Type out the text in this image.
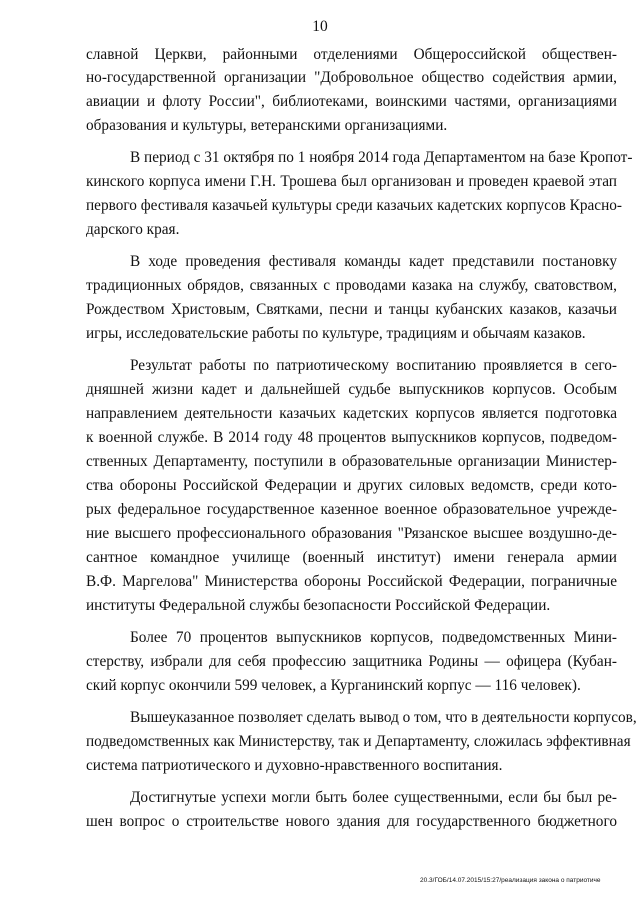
10
славной Церкви, районными отделениями Общероссийской обществен-
но-государственной организации "Добровольное общество содействия армии,
авиации и флоту России", библиотеками, воинскими частями, организациями
образования и культуры, ветеранскими организациями.
В период с 31 октября по 1 ноября 2014 года Департаментом на базе Кропот-
кинского корпуса имени Г.Н. Трошева был организован и проведен краевой этап
первого фестиваля казачьей культуры среди казачьих кадетских корпусов Красно-
дарского края.
В ходе проведения фестиваля команды кадет представили постановку
традиционных обрядов, связанных с проводами казака на службу, сватовством,
Рождеством Христовым, Святками, песни и танцы кубанских казаков, казачьи
игры, исследовательские работы по культуре, традициям и обычаям казаков.
Результат работы по патриотическому воспитанию проявляется в сего-
дняшней жизни кадет и дальнейшей судьбе выпускников корпусов. Особым
направлением деятельности казачьих кадетских корпусов является подготовка
к военной службе. В 2014 году 48 процентов выпускников корпусов, подведом-
ственных Департаменту, поступили в образовательные организации Министер-
ства обороны Российской Федерации и других силовых ведомств, среди кото-
рых федеральное государственное казенное военное образовательное учрежде-
ние высшего профессионального образования "Рязанское высшее воздушно-де-
сантное командное училище (военный институт) имени генерала армии
В.Ф. Маргелова" Министерства обороны Российской Федерации, пограничные
институты Федеральной службы безопасности Российской Федерации.
Более 70 процентов выпускников корпусов, подведомственных Мини-
стерству, избрали для себя профессию защитника Родины — офицера (Кубан-
ский корпус окончили 599 человек, а Курганинский корпус — 116 человек).
Вышеуказанное позволяет сделать вывод о том, что в деятельности корпусов,
подведомственных как Министерству, так и Департаменту, сложилась эффективная
система патриотического и духовно-нравственного воспитания.
Достигнутые успехи могли быть более существенными, если бы был ре-
шен вопрос о строительстве нового здания для государственного бюджетного
20.3/ГОБ/14.07.2015/15:27/реализация закона о патриотиче
